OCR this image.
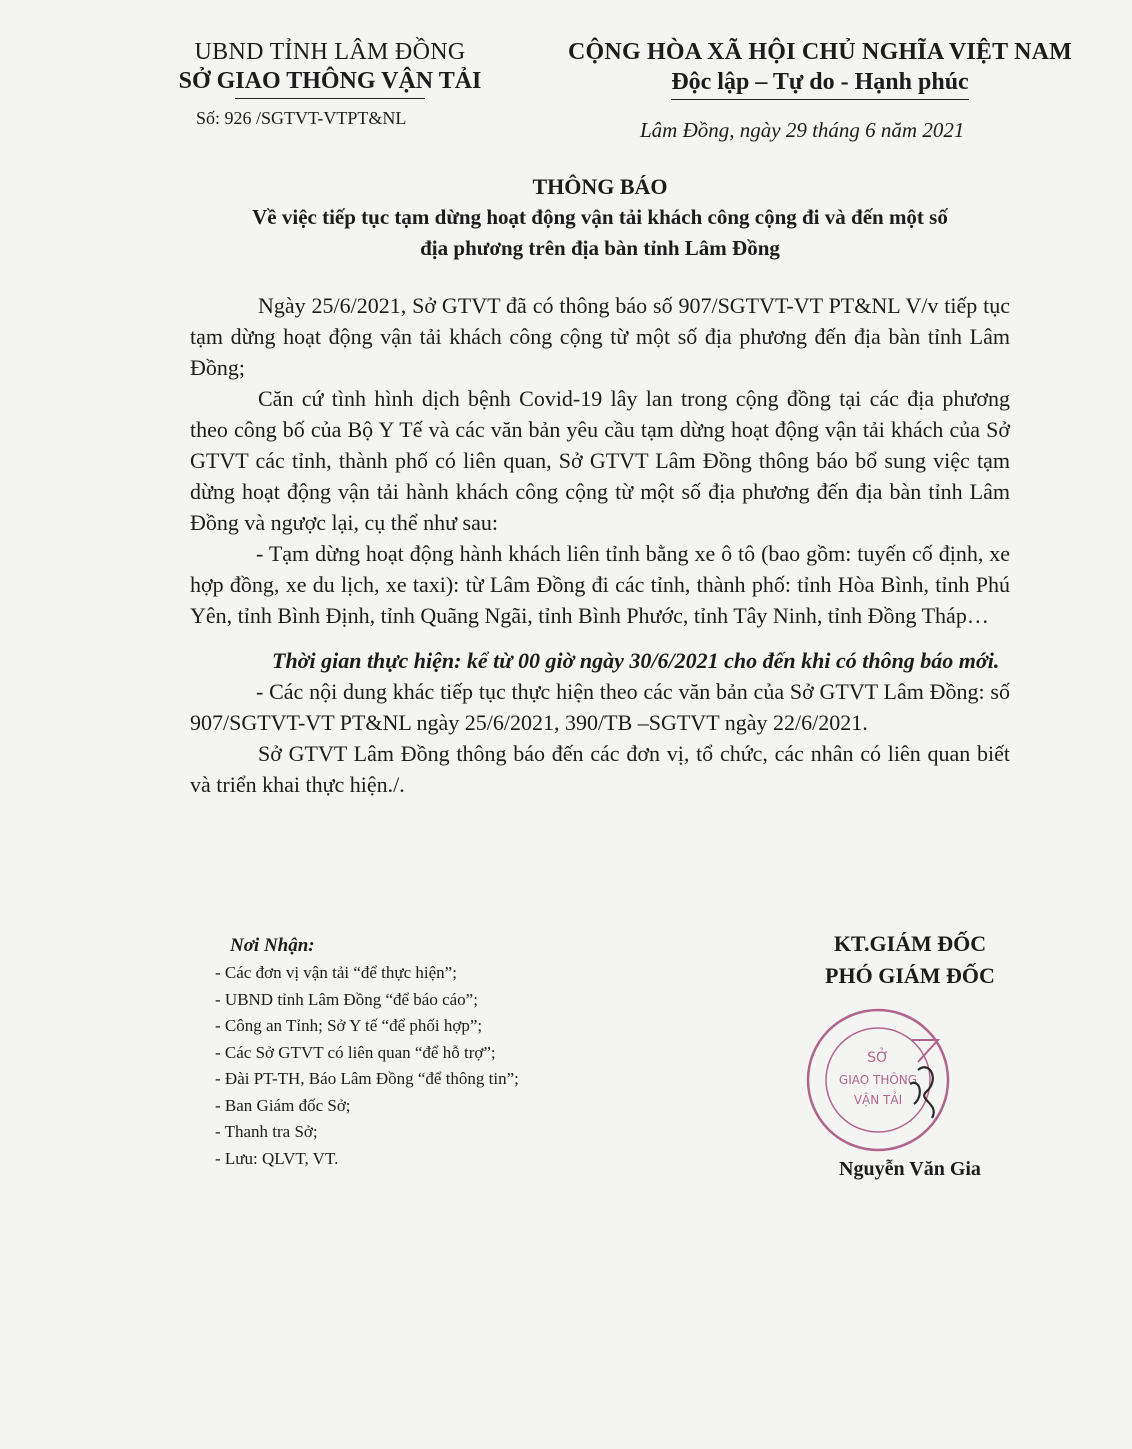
UBND TỈNH LÂM ĐỒNG
SỞ GIAO THÔNG VẬN TẢI
Số: 926 /SGTVT-VTPT&NL
CỘNG HÒA XÃ HỘI CHỦ NGHĨA VIỆT NAM
Độc lập – Tự do - Hạnh phúc
Lâm Đồng, ngày 29 tháng 6 năm 2021
THÔNG BÁO
Về việc tiếp tục tạm dừng hoạt động vận tải khách công cộng đi và đến một số
địa phương trên địa bàn tỉnh Lâm Đồng

Ngày 25/6/2021, Sở GTVT đã có thông báo số 907/SGTVT-VT PT&NL V/v tiếp tục tạm dừng hoạt động vận tải khách công cộng từ một số địa phương đến địa bàn tỉnh Lâm Đồng;

Căn cứ tình hình dịch bệnh Covid-19 lây lan trong cộng đồng tại các địa phương theo công bố của Bộ Y Tế và các văn bản yêu cầu tạm dừng hoạt động vận tải khách của Sở GTVT các tỉnh, thành phố có liên quan, Sở GTVT Lâm Đồng thông báo bổ sung việc tạm dừng hoạt động vận tải hành khách công cộng từ một số địa phương đến địa bàn tỉnh Lâm Đồng và ngược lại, cụ thể như sau:

- Tạm dừng hoạt động hành khách liên tỉnh bằng xe ô tô (bao gồm: tuyến cố định, xe hợp đồng, xe du lịch, xe taxi): từ Lâm Đồng đi các tỉnh, thành phố: tỉnh Hòa Bình, tỉnh Phú Yên, tỉnh Bình Định, tỉnh Quãng Ngãi, tỉnh Bình Phước, tỉnh Tây Ninh, tỉnh Đồng Tháp…

Thời gian thực hiện: kể từ 00 giờ ngày 30/6/2021 cho đến khi có thông báo mới.

- Các nội dung khác tiếp tục thực hiện theo các văn bản của Sở GTVT Lâm Đồng: số 907/SGTVT-VT PT&NL ngày 25/6/2021, 390/TB –SGTVT ngày 22/6/2021.

Sở GTVT Lâm Đồng thông báo đến các đơn vị, tổ chức, các nhân có liên quan biết và triển khai thực hiện./.

Nơi Nhận:
- Các đơn vị vận tải “để thực hiện”;
- UBND tỉnh Lâm Đồng “để báo cáo”;
- Công an Tỉnh; Sở Y tế “để phối hợp”;
- Các Sở GTVT có liên quan “để hỗ trợ”;
- Đài PT-TH, Báo Lâm Đồng “để thông tin”;
- Ban Giám đốc Sở;
- Thanh tra Sở;
- Lưu: QLVT, VT.
KT.GIÁM ĐỐC
PHÓ GIÁM ĐỐC
Nguyễn Văn Gia
SỞ
GIAO THÔNG
VẬN TẢI
